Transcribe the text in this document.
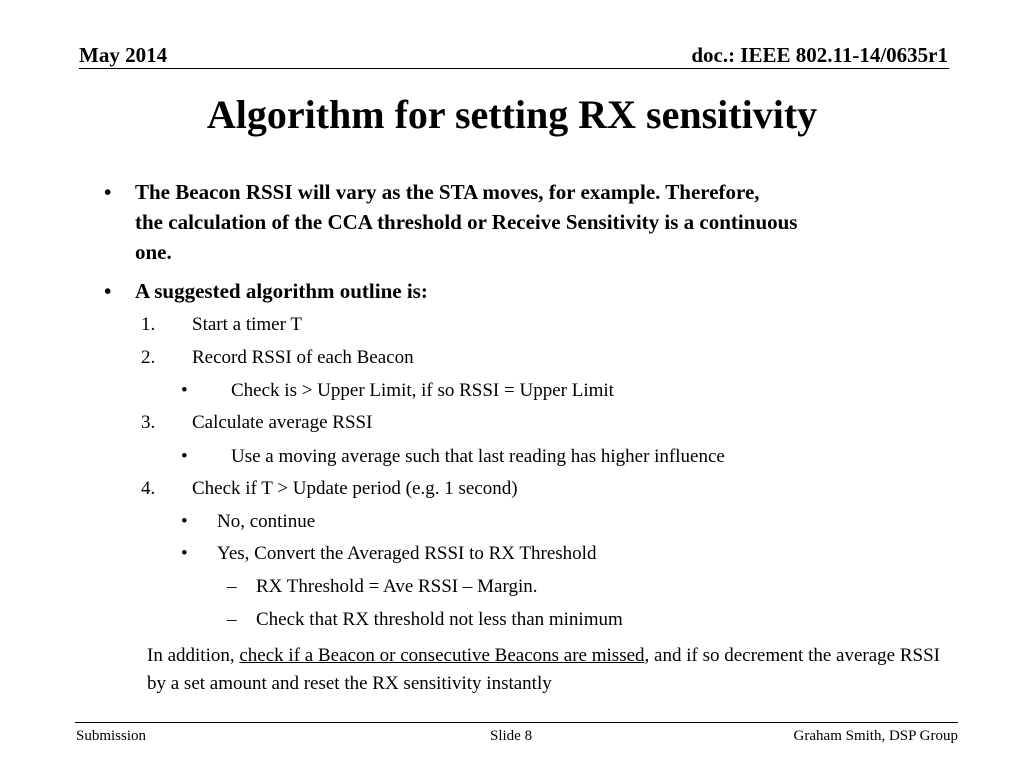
May 2014	doc.: IEEE 802.11-14/0635r1
Algorithm for setting RX sensitivity
• The Beacon RSSI will vary as the STA moves, for example. Therefore,
the calculation of the CCA threshold or Receive Sensitivity is a continuous
one.
• A suggested algorithm outline is:
1. Start a timer T
2. Record RSSI of each Beacon
• Check is > Upper Limit, if so RSSI = Upper Limit
3. Calculate average RSSI
• Use a moving average such that last reading has higher influence
4. Check if T > Update period (e.g. 1 second)
• No, continue
• Yes, Convert the Averaged RSSI to RX Threshold
– RX Threshold = Ave RSSI – Margin.
– Check that RX threshold not less than minimum
In addition, check if a Beacon or consecutive Beacons are missed, and if so decrement the average RSSI by a set amount and reset the RX sensitivity instantly
Submission	Slide 8	Graham Smith, DSP Group
